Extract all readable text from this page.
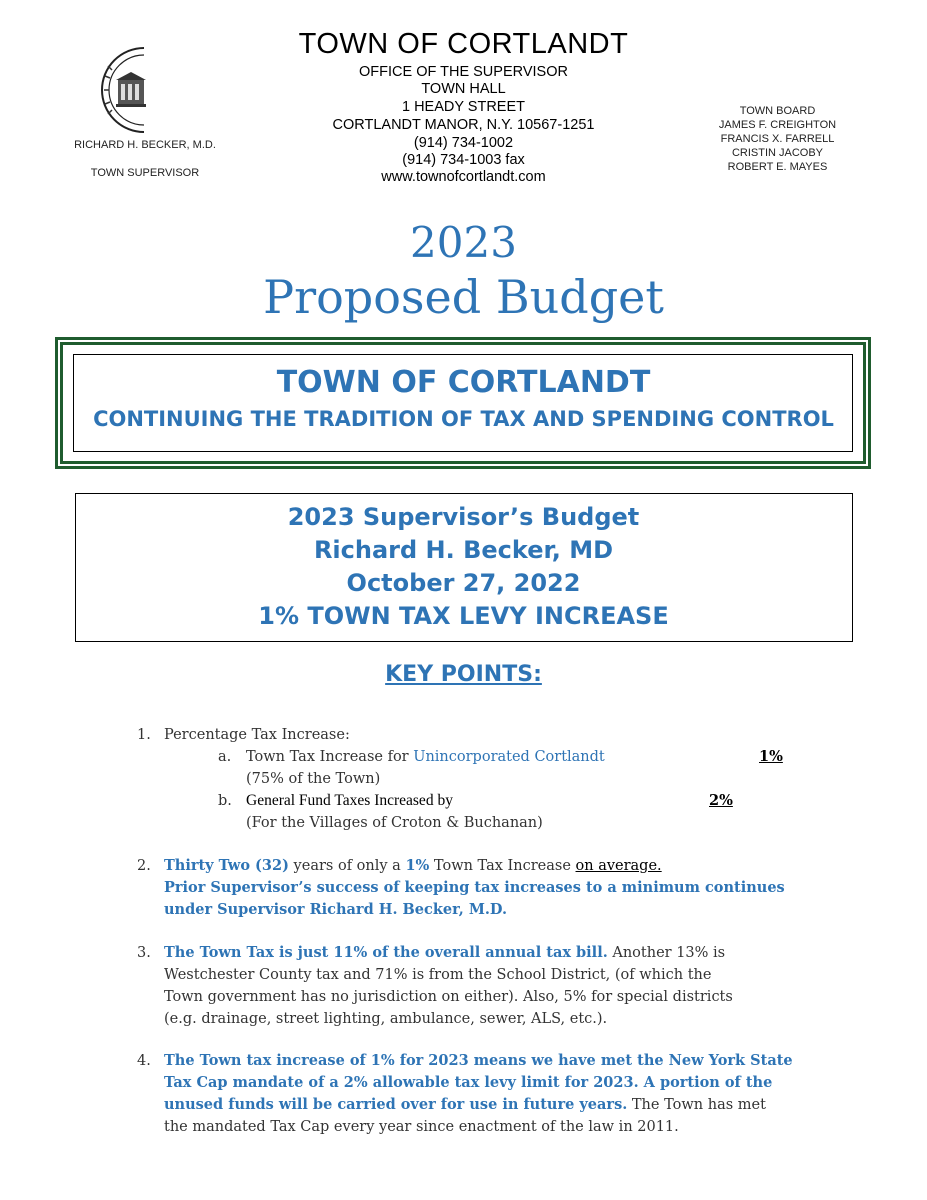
TOWN OF CORTLANDT
OFFICE OF THE SUPERVISOR
TOWN HALL
1 HEADY STREET
CORTLANDT MANOR, N.Y. 10567-1251
(914) 734-1002
(914) 734-1003 fax
www.townofcortlandt.com
RICHARD H. BECKER, M.D.
TOWN SUPERVISOR
TOWN BOARD
JAMES F. CREIGHTON
FRANCIS X. FARRELL
CRISTIN JACOBY
ROBERT E. MAYES
2023
Proposed Budget
TOWN OF CORTLANDT
CONTINUING THE TRADITION OF TAX AND SPENDING CONTROL
2023 Supervisor’s Budget
Richard H. Becker, MD
October 27, 2022
1% TOWN TAX LEVY INCREASE
KEY POINTS:
1. Percentage Tax Increase:
a. Town Tax Increase for Unincorporated Cortlandt	1%
(75% of the Town)
b. General Fund Taxes Increased by	2%
(For the Villages of Croton & Buchanan)
2. Thirty Two (32) years of only a 1% Town Tax Increase on average.
Prior Supervisor’s success of keeping tax increases to a minimum continues
under Supervisor Richard H. Becker, M.D.
3. The Town Tax is just 11% of the overall annual tax bill. Another 13% is
Westchester County tax and 71% is from the School District, (of which the
Town government has no jurisdiction on either). Also, 5% for special districts
(e.g. drainage, street lighting, ambulance, sewer, ALS, etc.).
4. The Town tax increase of 1% for 2023 means we have met the New York State
Tax Cap mandate of a 2% allowable tax levy limit for 2023. A portion of the
unused funds will be carried over for use in future years. The Town has met
the mandated Tax Cap every year since enactment of the law in 2011.
